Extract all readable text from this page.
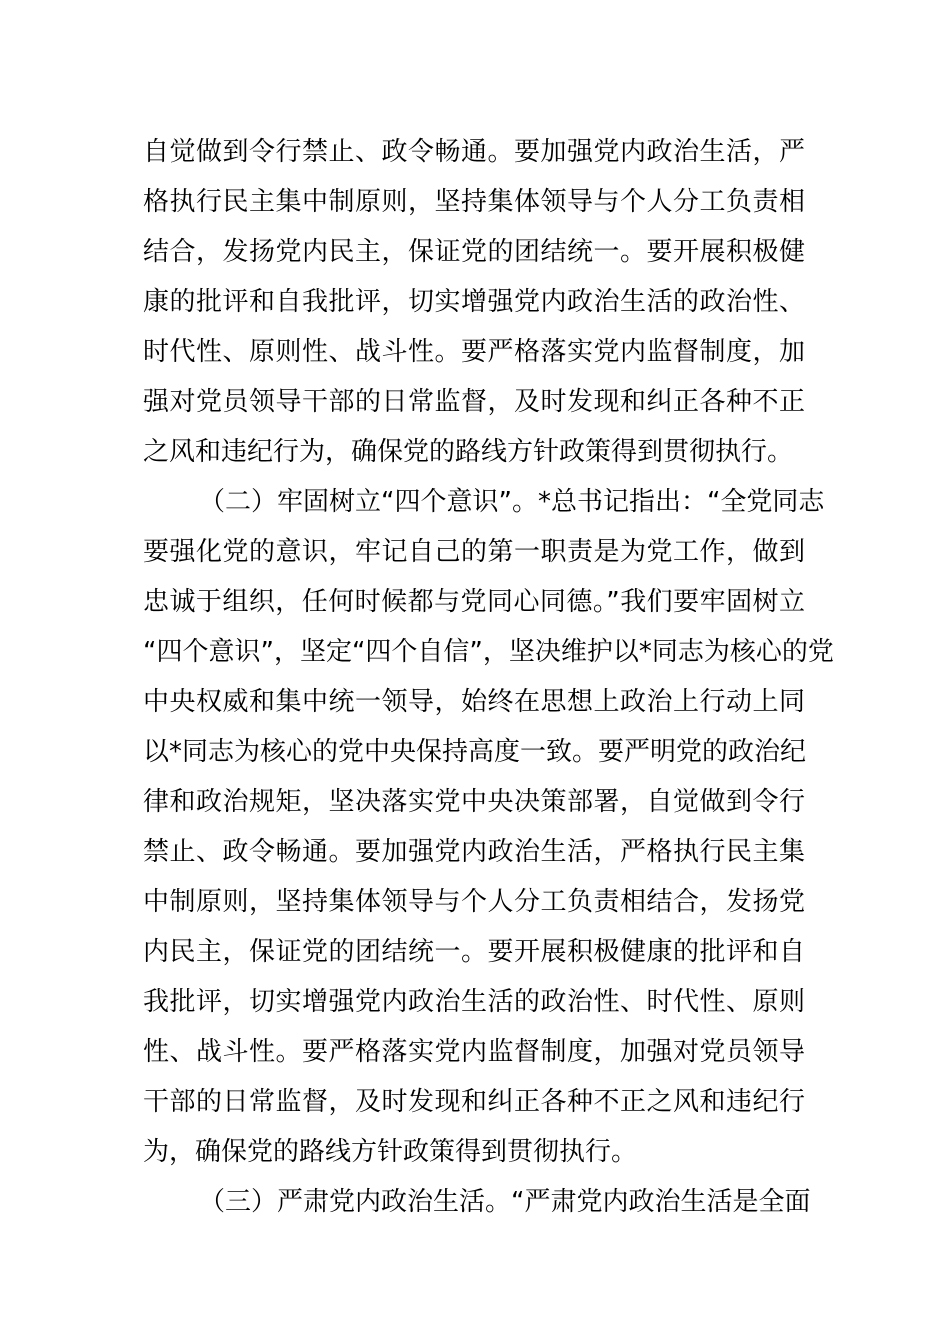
自觉做到令行禁止、政令畅通。要加强党内政治生活，严
格执行民主集中制原则，坚持集体领导与个人分工负责相
结合，发扬党内民主，保证党的团结统一。要开展积极健
康的批评和自我批评，切实增强党内政治生活的政治性、
时代性、原则性、战斗性。要严格落实党内监督制度，加
强对党员领导干部的日常监督，及时发现和纠正各种不正
之风和违纪行为，确保党的路线方针政策得到贯彻执行。
（二）牢固树立“四个意识”。*总书记指出：“全党同志
要强化党的意识，牢记自己的第一职责是为党工作，做到
忠诚于组织，任何时候都与党同心同德。”我们要牢固树立
“四个意识”，坚定“四个自信”，坚决维护以*同志为核心的党
中央权威和集中统一领导，始终在思想上政治上行动上同
以*同志为核心的党中央保持高度一致。要严明党的政治纪
律和政治规矩，坚决落实党中央决策部署，自觉做到令行
禁止、政令畅通。要加强党内政治生活，严格执行民主集
中制原则，坚持集体领导与个人分工负责相结合，发扬党
内民主，保证党的团结统一。要开展积极健康的批评和自
我批评，切实增强党内政治生活的政治性、时代性、原则
性、战斗性。要严格落实党内监督制度，加强对党员领导
干部的日常监督，及时发现和纠正各种不正之风和违纪行
为，确保党的路线方针政策得到贯彻执行。
（三）严肃党内政治生活。“严肃党内政治生活是全面
